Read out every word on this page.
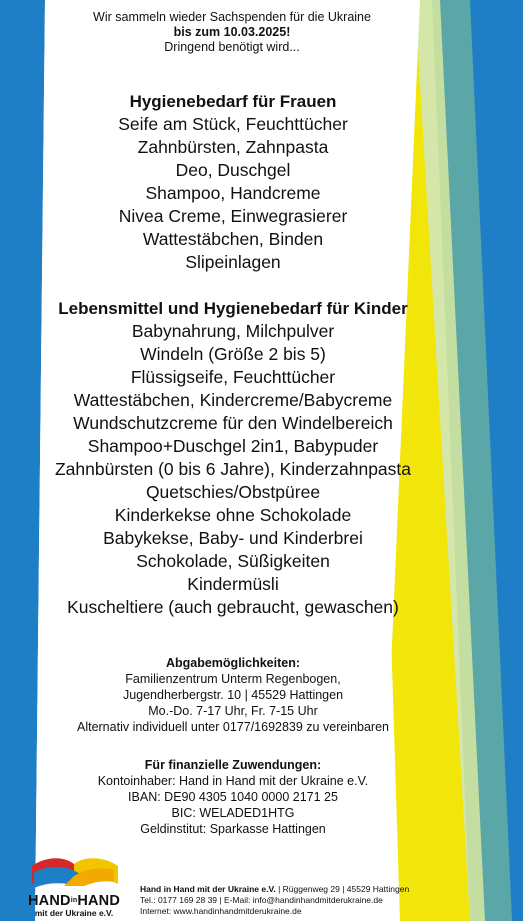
Wir sammeln wieder Sachspenden für die Ukraine
bis zum 10.03.2025!
Dringend benötigt wird...
Hygienebedarf für Frauen
Seife am Stück, Feuchttücher
Zahnbürsten, Zahnpasta
Deo, Duschgel
Shampoo, Handcreme
Nivea Creme, Einwegrasierer
Wattestäbchen, Binden
Slipeinlagen
Lebensmittel und Hygienebedarf für Kinder
Babynahrung, Milchpulver
Windeln (Größe 2 bis 5)
Flüssigseife, Feuchttücher
Wattestäbchen, Kindercreme/Babycreme
Wundschutzcreme für den Windelbereich
Shampoo+Duschgel 2in1, Babypuder
Zahnbürsten (0 bis 6 Jahre), Kinderzahnpasta
Quetschies/Obstpüree
Kinderkekse ohne Schokolade
Babykekse, Baby- und Kinderbrei
Schokolade, Süßigkeiten
Kindermüsli
Kuscheltiere (auch gebraucht, gewaschen)
Abgabemöglichkeiten:
Familienzentrum Unterm Regenbogen,
Jugendherbergstr. 10 | 45529 Hattingen
Mo.-Do. 7-17 Uhr, Fr. 7-15 Uhr
Alternativ individuell unter 0177/1692839 zu vereinbaren
Für finanzielle Zuwendungen:
Kontoinhaber: Hand in Hand mit der Ukraine e.V.
IBAN: DE90 4305 1040 0000 2171 25
BIC: WELADED1HTG
Geldinstitut: Sparkasse Hattingen
HANDinHAND
mit der Ukraine e.V.
Hand in Hand mit der Ukraine e.V. | Rüggenweg 29 | 45529 Hattingen
Tel.: 0177 169 28 39 | E-Mail: info@handinhandmitderukraine.de
Internet: www.handinhandmitderukraine.de
